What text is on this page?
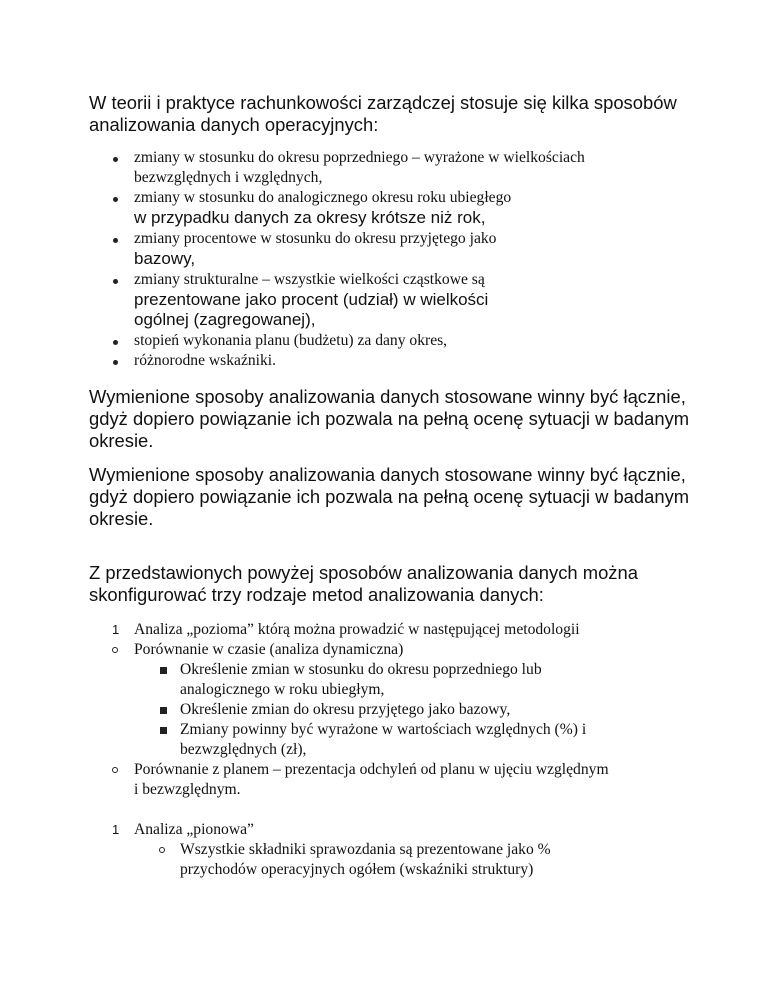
W teorii i praktyce rachunkowości zarządczej stosuje się kilka sposobów
analizowania danych operacyjnych:
zmiany w stosunku do okresu poprzedniego – wyrażone w wielkościach
bezwzględnych i względnych,
zmiany w stosunku do analogicznego okresu roku ubiegłego
w przypadku danych za okresy krótsze niż rok,
zmiany procentowe w stosunku do okresu przyjętego jako
bazowy,
zmiany strukturalne – wszystkie wielkości cząstkowe są
prezentowane jako procent (udział) w wielkości
ogólnej (zagregowanej),
stopień wykonania planu (budżetu) za dany okres,
różnorodne wskaźniki.
Wymienione sposoby analizowania danych stosowane winny być łącznie,
gdyż dopiero powiązanie ich pozwala na pełną ocenę sytuacji w badanym
okresie.
Wymienione sposoby analizowania danych stosowane winny być łącznie,
gdyż dopiero powiązanie ich pozwala na pełną ocenę sytuacji w badanym
okresie.
Z przedstawionych powyżej sposobów analizowania danych można
skonfigurować trzy rodzaje metod analizowania danych:
1 Analiza „pozioma” którą można prowadzić w następującej metodologii
Porównanie w czasie (analiza dynamiczna)
Określenie zmian w stosunku do okresu poprzedniego lub
analogicznego w roku ubiegłym,
Określenie zmian do okresu przyjętego jako bazowy,
Zmiany powinny być wyrażone w wartościach względnych (%) i
bezwzględnych (zł),
Porównanie z planem – prezentacja odchyleń od planu w ujęciu względnym
i bezwzględnym.
1 Analiza „pionowa”
Wszystkie składniki sprawozdania są prezentowane jako %
przychodów operacyjnych ogółem (wskaźniki struktury)
